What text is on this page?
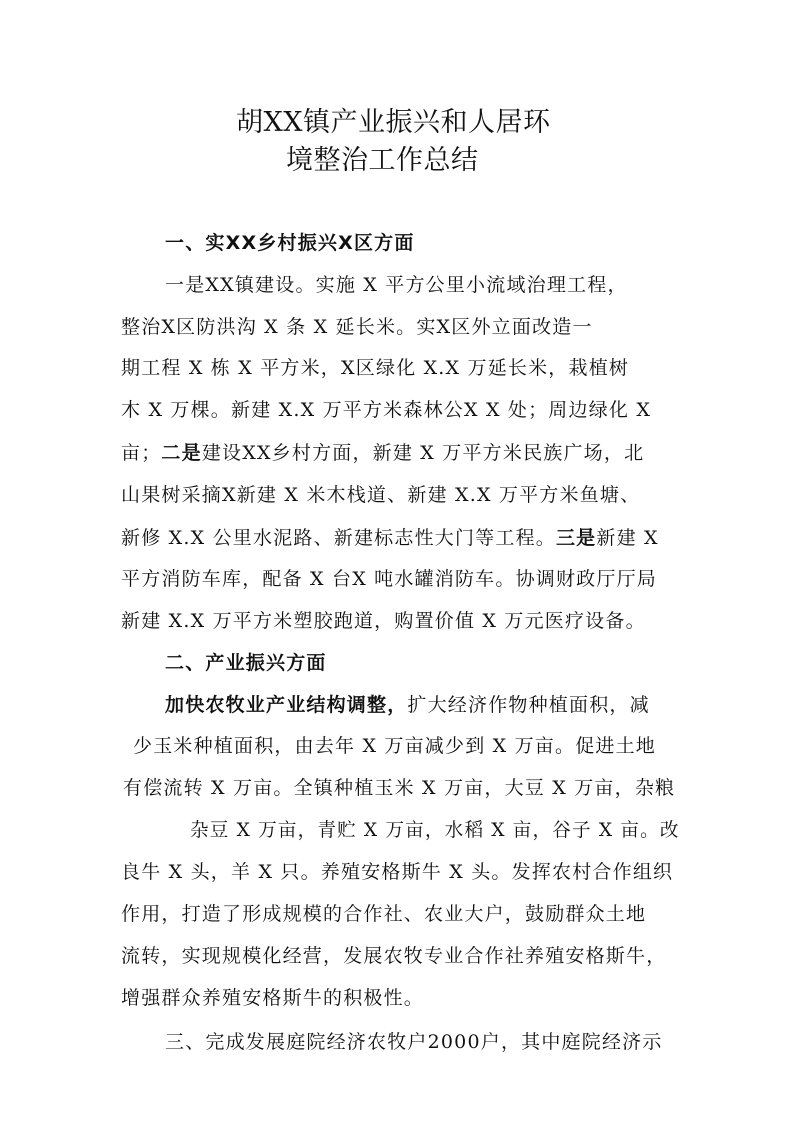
胡XX镇产业振兴和人居环
境整治工作总结
一、实XX乡村振兴X区方面
一是XX镇建设。实施 X 平方公里小流域治理工程，
整治X区防洪沟 X 条 X 延长米。实X区外立面改造一
期工程 X 栋 X 平方米，X区绿化 X.X 万延长米，栽植树
木 X 万棵。新建 X.X 万平方米森林公X X 处；周边绿化 X
亩；二是建设XX乡村方面，新建 X 万平方米民族广场，北
山果树采摘X新建 X 米木栈道、新建 X.X 万平方米鱼塘、
新修 X.X 公里水泥路、新建标志性大门等工程。三是新建 X
平方消防车库，配备 X 台X 吨水罐消防车。协调财政厅厅局
新建 X.X 万平方米塑胶跑道，购置价值 X 万元医疗设备。
二、产业振兴方面
加快农牧业产业结构调整，扩大经济作物种植面积，减
少玉米种植面积，由去年 X 万亩减少到 X 万亩。促进土地
有偿流转 X 万亩。全镇种植玉米 X 万亩，大豆 X 万亩，杂粮
杂豆 X 万亩，青贮 X 万亩，水稻 X 亩，谷子 X 亩。改
良牛 X 头，羊 X 只。养殖安格斯牛 X 头。发挥农村合作组织
作用，打造了形成规模的合作社、农业大户，鼓励群众土地
流转，实现规模化经营，发展农牧专业合作社养殖安格斯牛，
增强群众养殖安格斯牛的积极性。
三、完成发展庭院经济农牧户2000户，其中庭院经济示
